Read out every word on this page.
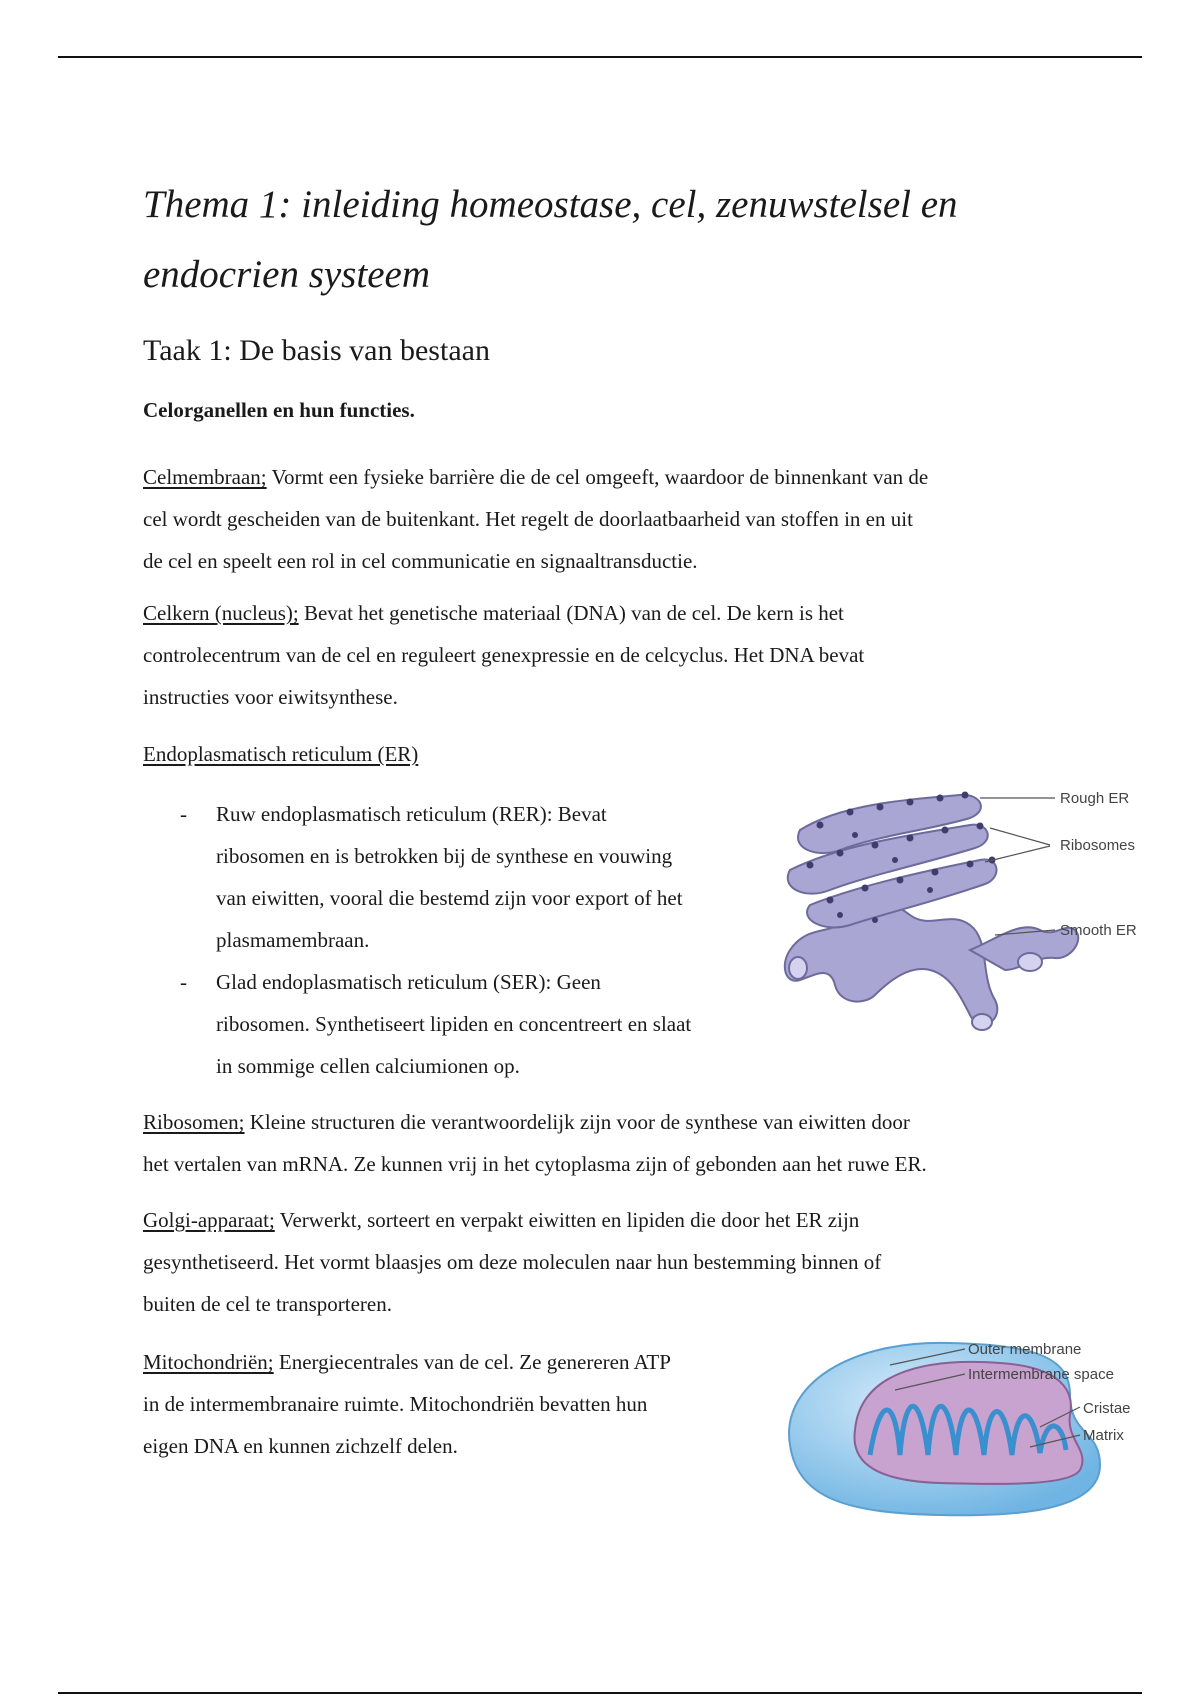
Thema 1: inleiding homeostase, cel, zenuwstelsel en
endocrien systeem
Taak 1: De basis van bestaan
Celorganellen en hun functies.

Celmembraan; Vormt een fysieke barrière die de cel omgeeft, waardoor de binnenkant van de
cel wordt gescheiden van de buitenkant. Het regelt de doorlaatbaarheid van stoffen in en uit
de cel en speelt een rol in cel communicatie en signaaltransductie.

Celkern (nucleus); Bevat het genetische materiaal (DNA) van de cel. De kern is het
controlecentrum van de cel en reguleert genexpressie en de celcyclus. Het DNA bevat
instructies voor eiwitsynthese.

Endoplasmatisch reticulum (ER)

- Ruw endoplasmatisch reticulum (RER): Bevat
ribosomen en is betrokken bij de synthese en vouwing
van eiwitten, vooral die bestemd zijn voor export of het
plasmamembraan.
- Glad endoplasmatisch reticulum (SER): Geen
ribosomen. Synthetiseert lipiden en concentreert en slaat
in sommige cellen calciumionen op.
Rough ER
Ribosomes
Smooth ER

Ribosomen; Kleine structuren die verantwoordelijk zijn voor de synthese van eiwitten door
het vertalen van mRNA. Ze kunnen vrij in het cytoplasma zijn of gebonden aan het ruwe ER.

Golgi-apparaat; Verwerkt, sorteert en verpakt eiwitten en lipiden die door het ER zijn
gesynthetiseerd. Het vormt blaasjes om deze moleculen naar hun bestemming binnen of
buiten de cel te transporteren.

Mitochondriën; Energiecentrales van de cel. Ze genereren ATP
in de intermembranaire ruimte. Mitochondriën bevatten hun
eigen DNA en kunnen zichzelf delen.

Outer membrane
Intermembrane space
Cristae
Matrix
